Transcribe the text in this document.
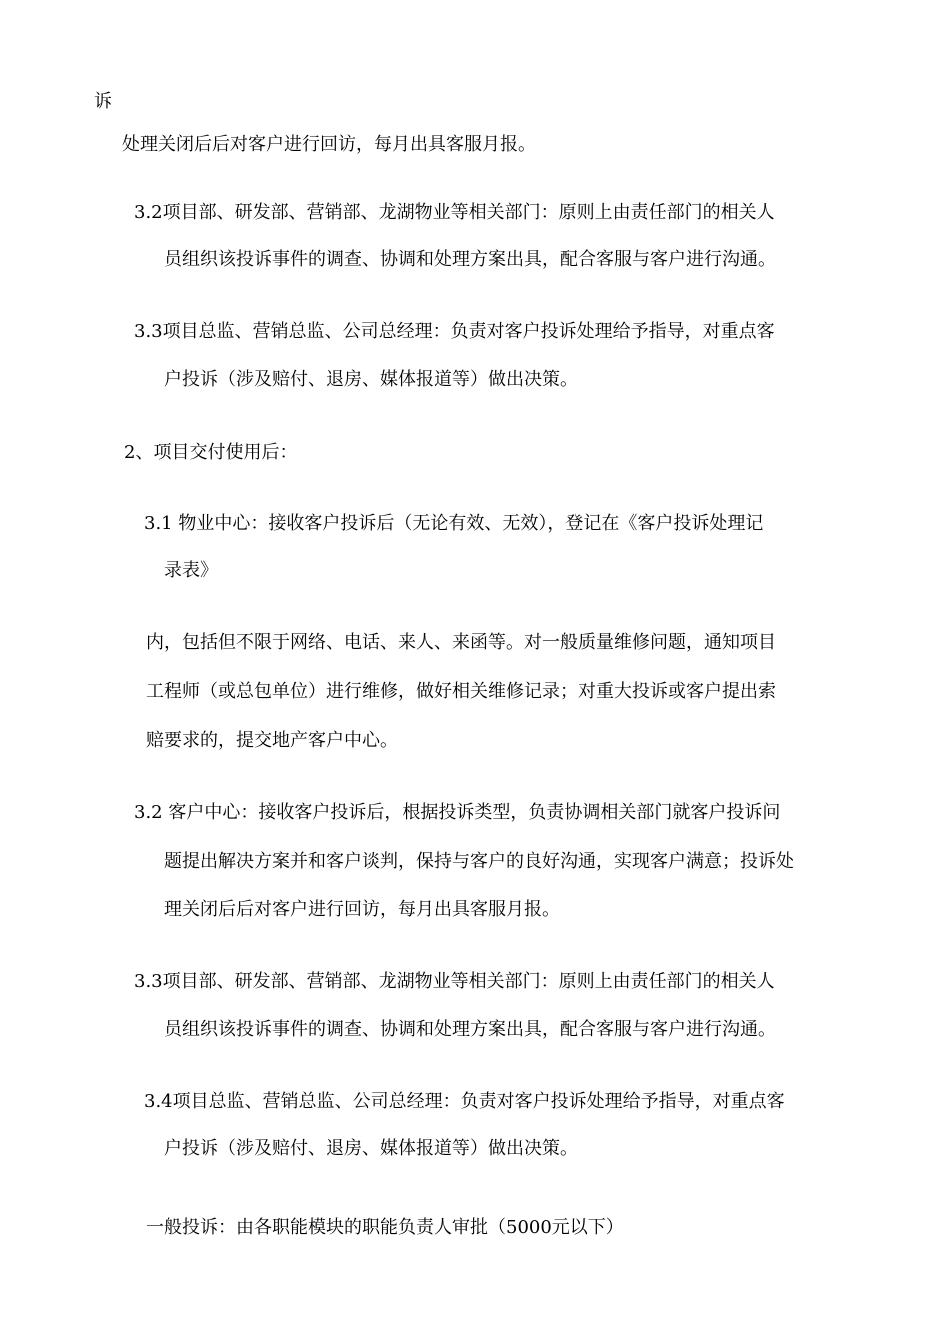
诉
处理关闭后后对客户进行回访，每月出具客服月报。
3.2项目部、研发部、营销部、龙湖物业等相关部门：原则上由责任部门的相关人
员组织该投诉事件的调查、协调和处理方案出具，配合客服与客户进行沟通。
3.3项目总监、营销总监、公司总经理：负责对客户投诉处理给予指导，对重点客
户投诉（涉及赔付、退房、媒体报道等）做出决策。
2、项目交付使用后：
3.1 物业中心：接收客户投诉后（无论有效、无效），登记在《客户投诉处理记
录表》
内，包括但不限于网络、电话、来人、来函等。对一般质量维修问题，通知项目
工程师（或总包单位）进行维修，做好相关维修记录；对重大投诉或客户提出索
赔要求的，提交地产客户中心。
3.2 客户中心：接收客户投诉后，根据投诉类型，负责协调相关部门就客户投诉问
题提出解决方案并和客户谈判，保持与客户的良好沟通，实现客户满意；投诉处
理关闭后后对客户进行回访，每月出具客服月报。
3.3项目部、研发部、营销部、龙湖物业等相关部门：原则上由责任部门的相关人
员组织该投诉事件的调查、协调和处理方案出具，配合客服与客户进行沟通。
3.4项目总监、营销总监、公司总经理：负责对客户投诉处理给予指导，对重点客
户投诉（涉及赔付、退房、媒体报道等）做出决策。
一般投诉：由各职能模块的职能负责人审批（5000元以下）
